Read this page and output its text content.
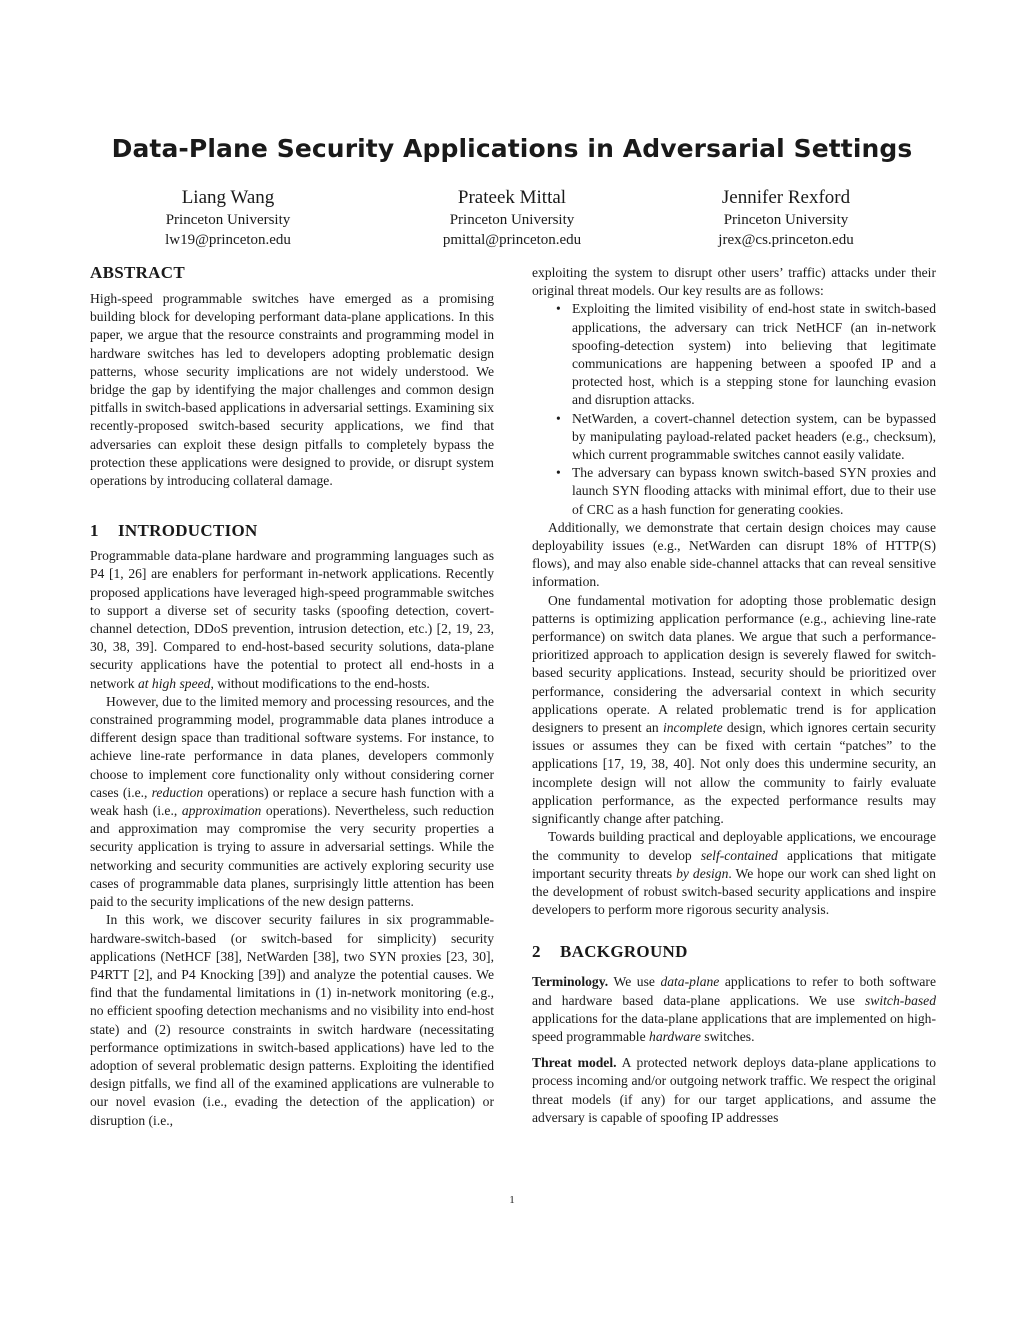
Data-Plane Security Applications in Adversarial Settings
Liang Wang
Princeton University
lw19@princeton.edu
Prateek Mittal
Princeton University
pmittal@princeton.edu
Jennifer Rexford
Princeton University
jrex@cs.princeton.edu
ABSTRACT

High-speed programmable switches have emerged as a promising building block for developing performant data-plane applications. In this paper, we argue that the resource constraints and programming model in hardware switches has led to developers adopting problematic design patterns, whose security implications are not widely understood. We bridge the gap by identifying the major challenges and common design pitfalls in switch-based applications in adversarial settings. Examining six recently-proposed switch-based security applications, we find that adversaries can exploit these design pitfalls to completely bypass the protection these applications were designed to provide, or disrupt system operations by introducing collateral damage.

1 INTRODUCTION

Programmable data-plane hardware and programming languages such as P4 [1, 26] are enablers for performant in-network applications. Recently proposed applications have leveraged high-speed programmable switches to support a diverse set of security tasks (spoofing detection, covert-channel detection, DDoS prevention, intrusion detection, etc.) [2, 19, 23, 30, 38, 39]. Compared to end-host-based security solutions, data-plane security applications have the potential to protect all end-hosts in a network at high speed, without modifications to the end-hosts.

However, due to the limited memory and processing resources, and the constrained programming model, programmable data planes introduce a different design space than traditional software systems. For instance, to achieve line-rate performance in data planes, developers commonly choose to implement core functionality only without considering corner cases (i.e., reduction operations) or replace a secure hash function with a weak hash (i.e., approximation operations). Nevertheless, such reduction and approximation may compromise the very security properties a security application is trying to assure in adversarial settings. While the networking and security communities are actively exploring security use cases of programmable data planes, surprisingly little attention has been paid to the security implications of the new design patterns.

In this work, we discover security failures in six programmable-hardware-switch-based (or switch-based for simplicity) security applications (NetHCF [38], NetWarden [38], two SYN proxies [23, 30], P4RTT [2], and P4 Knocking [39]) and analyze the potential causes. We find that the fundamental limitations in (1) in-network monitoring (e.g., no efficient spoofing detection mechanisms and no visibility into end-host state) and (2) resource constraints in switch hardware (necessitating performance optimizations in switch-based applications) have led to the adoption of several problematic design patterns. Exploiting the identified design pitfalls, we find all of the examined applications are vulnerable to our novel evasion (i.e., evading the detection of the application) or disruption (i.e.,

exploiting the system to disrupt other users’ traffic) attacks under their original threat models. Our key results are as follows:

• Exploiting the limited visibility of end-host state in switch-based applications, the adversary can trick NetHCF (an in-network spoofing-detection system) into believing that legitimate communications are happening between a spoofed IP and a protected host, which is a stepping stone for launching evasion and disruption attacks.
• NetWarden, a covert-channel detection system, can be bypassed by manipulating payload-related packet headers (e.g., checksum), which current programmable switches cannot easily validate.
• The adversary can bypass known switch-based SYN proxies and launch SYN flooding attacks with minimal effort, due to their use of CRC as a hash function for generating cookies.

Additionally, we demonstrate that certain design choices may cause deployability issues (e.g., NetWarden can disrupt 18% of HTTP(S) flows), and may also enable side-channel attacks that can reveal sensitive information.

One fundamental motivation for adopting those problematic design patterns is optimizing application performance (e.g., achieving line-rate performance) on switch data planes. We argue that such a performance-prioritized approach to application design is severely flawed for switch-based security applications. Instead, security should be prioritized over performance, considering the adversarial context in which security applications operate. A related problematic trend is for application designers to present an incomplete design, which ignores certain security issues or assumes they can be fixed with certain “patches” to the applications [17, 19, 38, 40]. Not only does this undermine security, an incomplete design will not allow the community to fairly evaluate application performance, as the expected performance results may significantly change after patching.

Towards building practical and deployable applications, we encourage the community to develop self-contained applications that mitigate important security threats by design. We hope our work can shed light on the development of robust switch-based security applications and inspire developers to perform more rigorous security analysis.

2 BACKGROUND

Terminology. We use data-plane applications to refer to both software and hardware based data-plane applications. We use switch-based applications for the data-plane applications that are implemented on high-speed programmable hardware switches.

Threat model. A protected network deploys data-plane applications to process incoming and/or outgoing network traffic. We respect the original threat models (if any) for our target applications, and assume the adversary is capable of spoofing IP addresses

1
